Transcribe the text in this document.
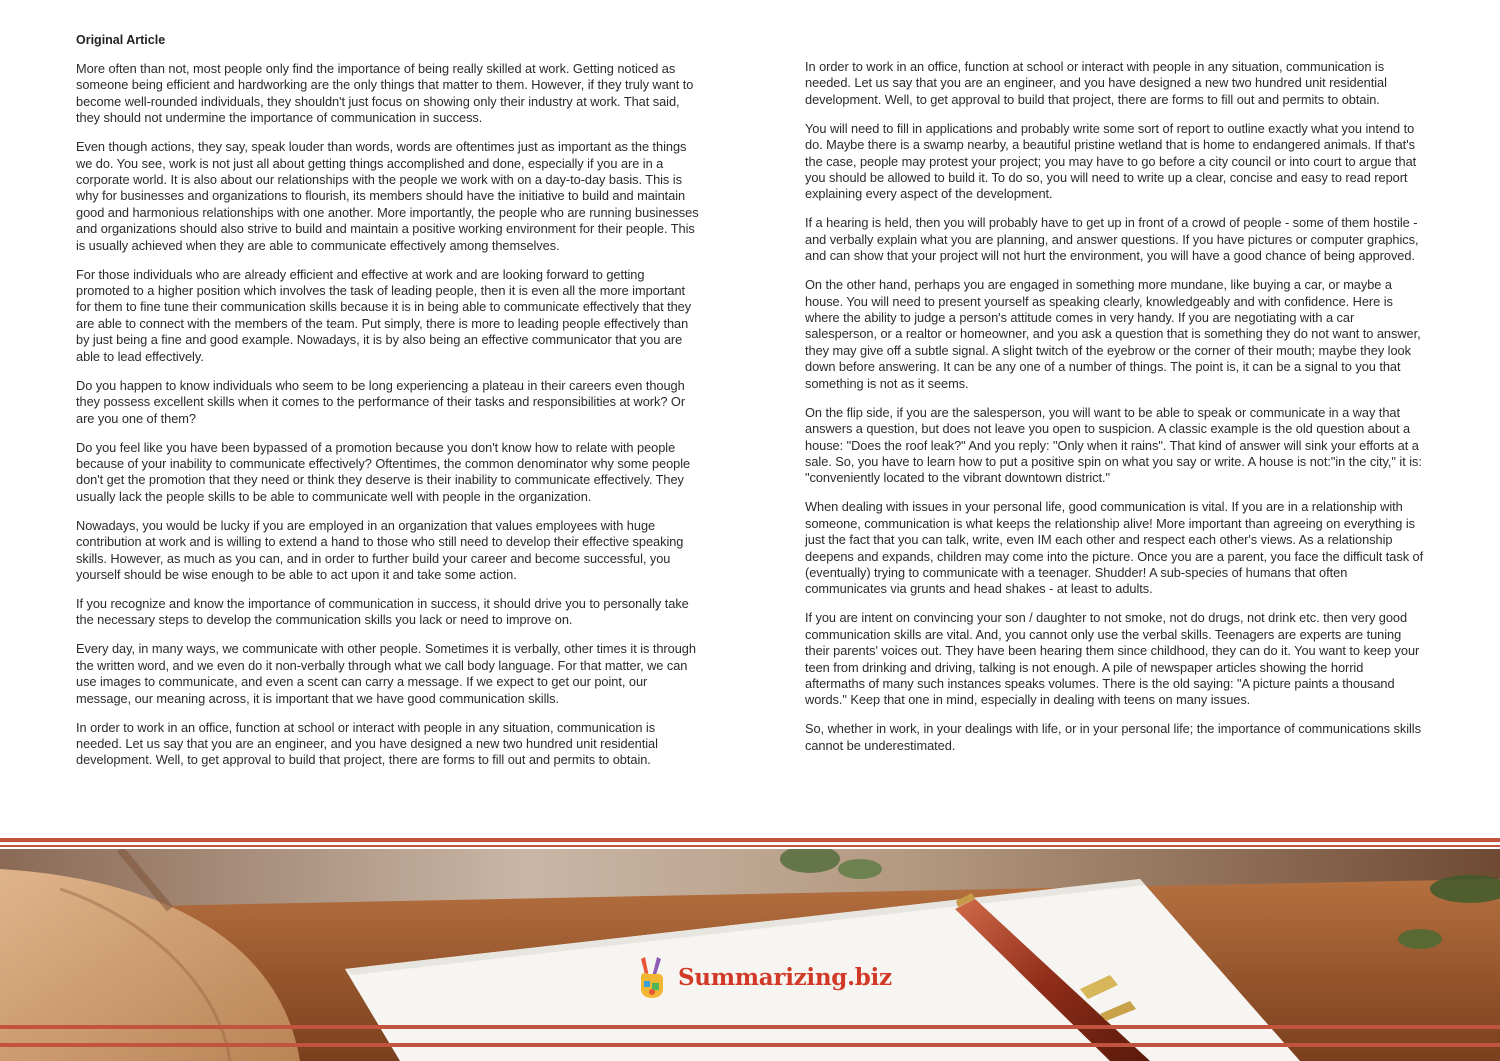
Original Article

More often than not, most people only find the importance of being really skilled at work. Getting noticed as someone being efficient and hardworking are the only things that matter to them. However, if they truly want to become well-rounded individuals, they shouldn't just focus on showing only their industry at work. That said, they should not undermine the importance of communication in success.

Even though actions, they say, speak louder than words, words are oftentimes just as important as the things we do. You see, work is not just all about getting things accomplished and done, especially if you are in a corporate world. It is also about our relationships with the people we work with on a day-to-day basis. This is why for businesses and organizations to flourish, its members should have the initiative to build and maintain good and harmonious relationships with one another. More importantly, the people who are running businesses and organizations should also strive to build and maintain a positive working environment for their people. This is usually achieved when they are able to communicate effectively among themselves.

For those individuals who are already efficient and effective at work and are looking forward to getting promoted to a higher position which involves the task of leading people, then it is even all the more important for them to fine tune their communication skills because it is in being able to communicate effectively that they are able to connect with the members of the team. Put simply, there is more to leading people effectively than by just being a fine and good example. Nowadays, it is by also being an effective communicator that you are able to lead effectively.

Do you happen to know individuals who seem to be long experiencing a plateau in their careers even though they possess excellent skills when it comes to the performance of their tasks and responsibilities at work? Or are you one of them?

Do you feel like you have been bypassed of a promotion because you don't know how to relate with people because of your inability to communicate effectively? Oftentimes, the common denominator why some people don't get the promotion that they need or think they deserve is their inability to communicate effectively. They usually lack the people skills to be able to communicate well with people in the organization.

Nowadays, you would be lucky if you are employed in an organization that values employees with huge contribution at work and is willing to extend a hand to those who still need to develop their effective speaking skills. However, as much as you can, and in order to further build your career and become successful, you yourself should be wise enough to be able to act upon it and take some action.

If you recognize and know the importance of communication in success, it should drive you to personally take the necessary steps to develop the communication skills you lack or need to improve on.

Every day, in many ways, we communicate with other people. Sometimes it is verbally, other times it is through the written word, and we even do it non-verbally through what we call body language. For that matter, we can use images to communicate, and even a scent can carry a message. If we expect to get our point, our message, our meaning across, it is important that we have good communication skills.

In order to work in an office, function at school or interact with people in any situation, communication is needed. Let us say that you are an engineer, and you have designed a new two hundred unit residential development. Well, to get approval to build that project, there are forms to fill out and permits to obtain.

In order to work in an office, function at school or interact with people in any situation, communication is needed. Let us say that you are an engineer, and you have designed a new two hundred unit residential development. Well, to get approval to build that project, there are forms to fill out and permits to obtain.

You will need to fill in applications and probably write some sort of report to outline exactly what you intend to do. Maybe there is a swamp nearby, a beautiful pristine wetland that is home to endangered animals. If that's the case, people may protest your project; you may have to go before a city council or into court to argue that you should be allowed to build it. To do so, you will need to write up a clear, concise and easy to read report explaining every aspect of the development.

If a hearing is held, then you will probably have to get up in front of a crowd of people - some of them hostile - and verbally explain what you are planning, and answer questions. If you have pictures or computer graphics, and can show that your project will not hurt the environment, you will have a good chance of being approved.

On the other hand, perhaps you are engaged in something more mundane, like buying a car, or maybe a house. You will need to present yourself as speaking clearly, knowledgeably and with confidence. Here is where the ability to judge a person's attitude comes in very handy. If you are negotiating with a car salesperson, or a realtor or homeowner, and you ask a question that is something they do not want to answer, they may give off a subtle signal. A slight twitch of the eyebrow or the corner of their mouth; maybe they look down before answering. It can be any one of a number of things. The point is, it can be a signal to you that something is not as it seems.

On the flip side, if you are the salesperson, you will want to be able to speak or communicate in a way that answers a question, but does not leave you open to suspicion. A classic example is the old question about a house: "Does the roof leak?" And you reply: "Only when it rains". That kind of answer will sink your efforts at a sale. So, you have to learn how to put a positive spin on what you say or write. A house is not:"in the city," it is: "conveniently located to the vibrant downtown district."

When dealing with issues in your personal life, good communication is vital. If you are in a relationship with someone, communication is what keeps the relationship alive! More important than agreeing on everything is just the fact that you can talk, write, even IM each other and respect each other's views. As a relationship deepens and expands, children may come into the picture. Once you are a parent, you face the difficult task of (eventually) trying to communicate with a teenager. Shudder! A sub-species of humans that often communicates via grunts and head shakes - at least to adults.

If you are intent on convincing your son / daughter to not smoke, not do drugs, not drink etc. then very good communication skills are vital. And, you cannot only use the verbal skills. Teenagers are experts are tuning their parents' voices out. They have been hearing them since childhood, they can do it. You want to keep your teen from drinking and driving, talking is not enough. A pile of newspaper articles showing the horrid aftermaths of many such instances speaks volumes. There is the old saying: "A picture paints a thousand words." Keep that one in mind, especially in dealing with teens on many issues.

So, whether in work, in your dealings with life, or in your personal life; the importance of communications skills cannot be underestimated.

Summarizing.biz
